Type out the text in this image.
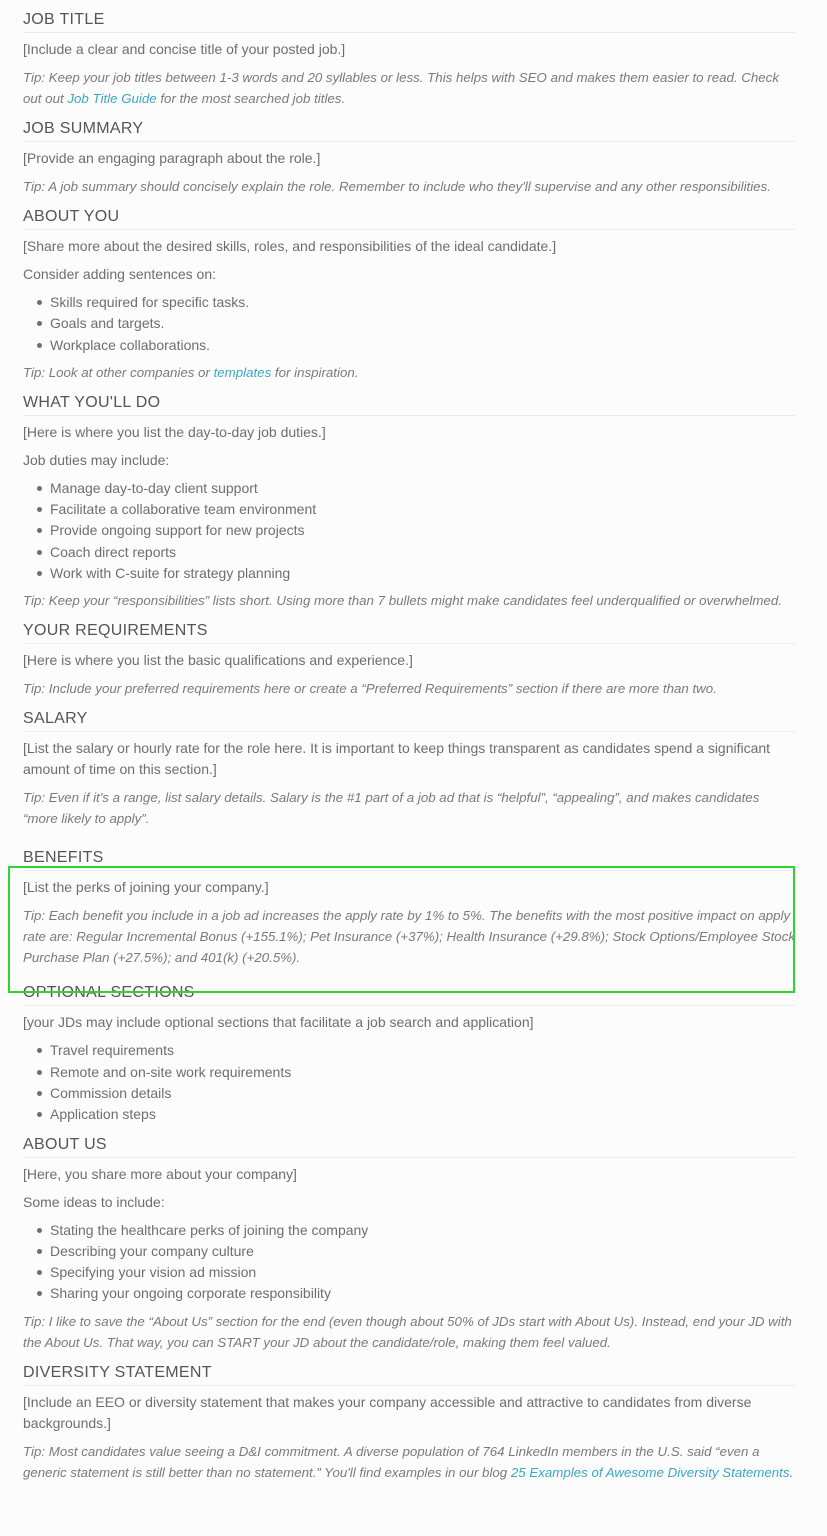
JOB TITLE

[Include a clear and concise title of your posted job.]

Tip: Keep your job titles between 1-3 words and 20 syllables or less. This helps with SEO and makes them easier to read. Check out out Job Title Guide for the most searched job titles.

JOB SUMMARY

[Provide an engaging paragraph about the role.]

Tip: A job summary should concisely explain the role. Remember to include who they'll supervise and any other responsibilities.

ABOUT YOU

[Share more about the desired skills, roles, and responsibilities of the ideal candidate.]

Consider adding sentences on:

Skills required for specific tasks.
Goals and targets.
Workplace collaborations.

Tip: Look at other companies or templates for inspiration.

WHAT YOU'LL DO

[Here is where you list the day-to-day job duties.]

Job duties may include:

Manage day-to-day client support
Facilitate a collaborative team environment
Provide ongoing support for new projects
Coach direct reports
Work with C-suite for strategy planning

Tip: Keep your “responsibilities” lists short. Using more than 7 bullets might make candidates feel underqualified or overwhelmed.

YOUR REQUIREMENTS

[Here is where you list the basic qualifications and experience.]

Tip: Include your preferred requirements here or create a “Preferred Requirements” section if there are more than two.

SALARY

[List the salary or hourly rate for the role here. It is important to keep things transparent as candidates spend a significant amount of time on this section.]

Tip: Even if it's a range, list salary details. Salary is the #1 part of a job ad that is “helpful”, “appealing”, and makes candidates “more likely to apply”.

BENEFITS

[List the perks of joining your company.]

Tip: Each benefit you include in a job ad increases the apply rate by 1% to 5%. The benefits with the most positive impact on apply rate are: Regular Incremental Bonus (+155.1%); Pet Insurance (+37%); Health Insurance (+29.8%); Stock Options/Employee Stock Purchase Plan (+27.5%); and 401(k) (+20.5%).

OPTIONAL SECTIONS

[your JDs may include optional sections that facilitate a job search and application]

Travel requirements
Remote and on-site work requirements
Commission details
Application steps
ABOUT US

[Here, you share more about your company]

Some ideas to include:

Stating the healthcare perks of joining the company
Describing your company culture
Specifying your vision ad mission
Sharing your ongoing corporate responsibility

Tip: I like to save the “About Us” section for the end (even though about 50% of JDs start with About Us). Instead, end your JD with the About Us. That way, you can START your JD about the candidate/role, making them feel valued.

DIVERSITY STATEMENT

[Include an EEO or diversity statement that makes your company accessible and attractive to candidates from diverse backgrounds.]

Tip: Most candidates value seeing a D&I commitment. A diverse population of 764 LinkedIn members in the U.S. said “even a generic statement is still better than no statement.” You'll find examples in our blog 25 Examples of Awesome Diversity Statements.
